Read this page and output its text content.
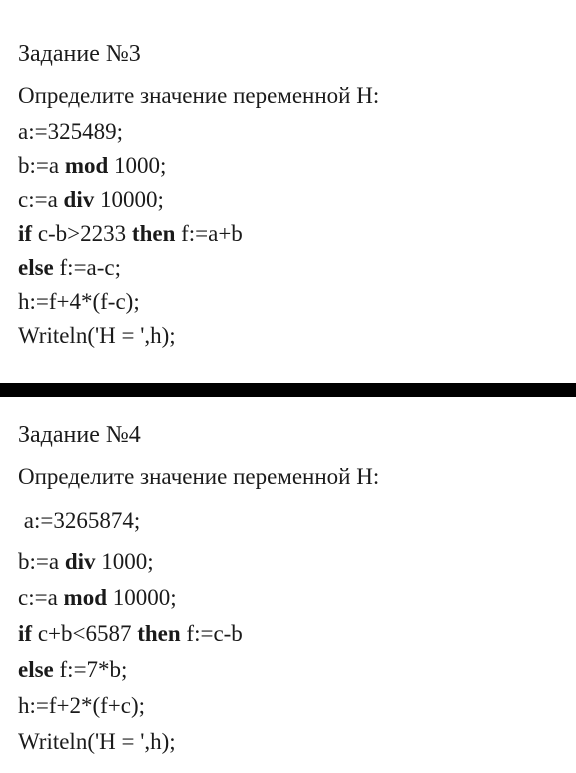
Задание №3
Определите значение переменной Н:
a:=325489;
b:=a mod 1000;
c:=a div 10000;
if c-b>2233 then f:=a+b
else f:=a-c;
h:=f+4*(f-c);
Writeln('H = ',h);
Задание №4
Определите значение переменной Н:
a:=3265874;
b:=a div 1000;
c:=a mod 10000;
if c+b<6587 then f:=c-b
else f:=7*b;
h:=f+2*(f+c);
Writeln('H = ',h);
